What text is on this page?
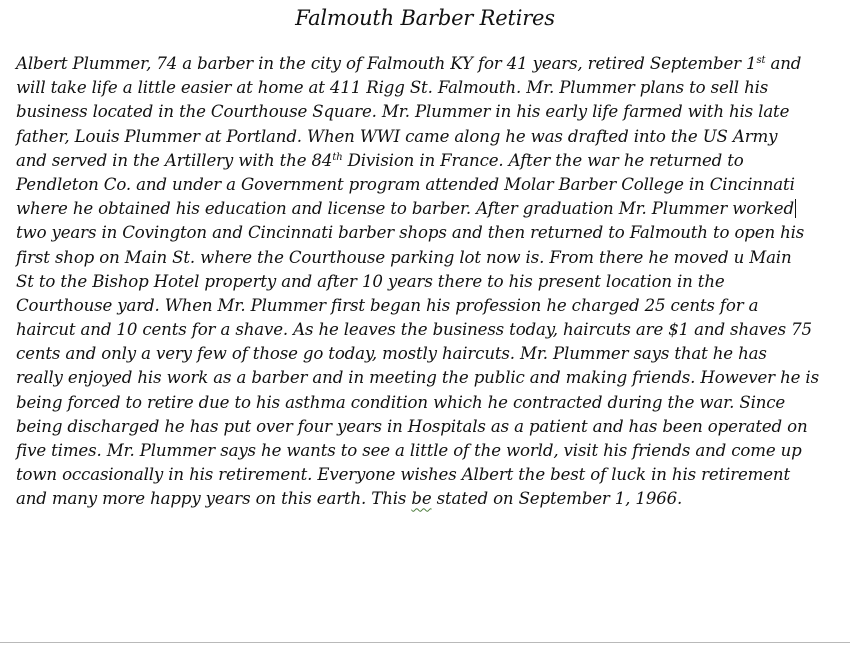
Falmouth Barber Retires
Albert Plummer, 74 a barber in the city of Falmouth KY for 41 years, retired September 1st and
will take life a little easier at home at 411 Rigg St. Falmouth. Mr. Plummer plans to sell his
business located in the Courthouse Square. Mr. Plummer in his early life farmed with his late
father, Louis Plummer at Portland. When WWI came along he was drafted into the US Army
and served in the Artillery with the 84th Division in France. After the war he returned to
Pendleton Co. and under a Government program attended Molar Barber College in Cincinnati
where he obtained his education and license to barber. After graduation Mr. Plummer worked
two years in Covington and Cincinnati barber shops and then returned to Falmouth to open his
first shop on Main St. where the Courthouse parking lot now is. From there he moved u Main
St to the Bishop Hotel property and after 10 years there to his present location in the
Courthouse yard. When Mr. Plummer first began his profession he charged 25 cents for a
haircut and 10 cents for a shave. As he leaves the business today, haircuts are $1 and shaves 75
cents and only a very few of those go today, mostly haircuts. Mr. Plummer says that he has
really enjoyed his work as a barber and in meeting the public and making friends. However he is
being forced to retire due to his asthma condition which he contracted during the war. Since
being discharged he has put over four years in Hospitals as a patient and has been operated on
five times. Mr. Plummer says he wants to see a little of the world, visit his friends and come up
town occasionally in his retirement. Everyone wishes Albert the best of luck in his retirement
and many more happy years on this earth. This be stated on September 1, 1966.
